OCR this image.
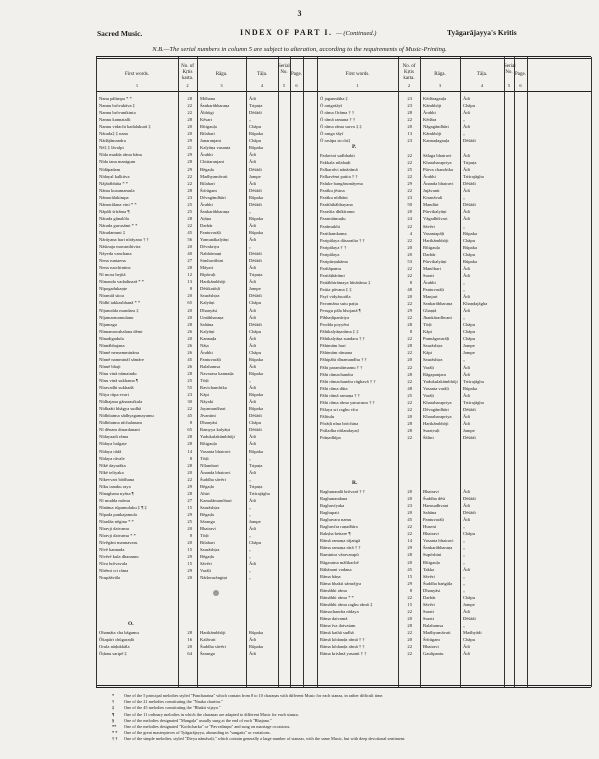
3
Sacred Music.	INDEX OF PART I. — (Continued.)	Tyāgarājayya's Kritis
N.B.—The serial numbers in column 5 are subject to alteration, according to the requirements of Music-Printing.
First words.
1
No. of Kṛtis karta.
2
Rāga.
3
Tāḷa.
4
Serial No.
5
Page.
6
First words.
1
No. of Kṛtis karta.
2
Rāga.
3
Tāḷa.
4
Serial No.
5
Page.
6
Nanu pālimpa * *	28 Mōhana	Ādi
Nannu brōvakāva ‡	22 Śankarābharaṇa	Tripuṭa
Nannu brōvanikinta	22 Ābhōgi	Dēśādi
Nannu kannatalli	28 Kēsari	„
Nannu vidachi kadalakurā ‡	20 Rītigauḷa	Chāpu
Nārada‡ ‡ nana	20 Bilahari	Rūpaka
Nādājāmandra	29 Janaranjani	Chāpu
Nē‡ ‡ lāvalpi	21 Kalyāṇa vasanta	Rūpaka
Nīda mudda rāma bāna	29 Ārabhi	Ādi
Nīda tana manigum	28 Chittaranjani	Ādi
Nīdāpadam	29 Bēgaḍa	Dēśādi
Nīdayal kalkitva	22 Madhyamāvati	Jampe
Nājārābhāta * *	22 Bilahari	Ādi
Nāma kusumamula	28 Śrīrāgam	Dēśādi
Nāmorālakimpa	23 Dēvagāndhāri	Rūpaka
Nāmorālana vini * *	25 Ārabhi	Dēśādi
Nāpāli śrīrāma ¶	25 Śankarābharaṇa	„
Nārada gānalōla	28 Aṭāṇa	Rūpaka
Nārada gurusāmi * *	22 Darbār	Ādi
Nāradamuni ‡	45 Pantuvarāḷi	Rūpaka
Nārāyana hari nīrāyana † †	56 Yamunākalyāṇi	Ādi
Nāśinaja mavanthivira	20 Dēvakriya	„
Nāyeda vanchana	40 Nabhōmaṇi	Dēśādi
Nena runtaena	27 Simhavāhini	Dēśādi
Nena ruochintins	28 Māyari	Ādi
Nī mora bejitā	12 Rīpāvaḷi	Tripuṭa
Nīmanda vadadinarā * *	13 Harikāmbhōji	Ādi
Nīpogadukaṇṭe	8 Dēśikatōḍi	Jampe
Nīramāl sitoa	20 Saurāshṭra	Dēśādi
Nīdhī takkasbhanā * *	65 Kalyāṇi	Chāpu
Nījamaīda mandara ‡	20 Dhanyāsi	Ādi
Nījamarmamulanu	20 Umābharaṇa	Ādi
Nījamaga	28 Sahāna	Dēśādi
Nīnnamavahalana dēmi	26 Kalyāṇi	Chāpu
Nīnadigaduīa	20 Kannaḍa	Ādi
Nīnnābhajana	26 Nāṭa	Ādi
Nīnnē nernamminānu	26 Ārabhi	Chāpu
Nīnnē nammināl sāmāre	45 Pantuvarāḷi	Rūpaka
Nīnnē bhaji	26 Balahamsa	Ādi
Nīnu vinā nāmaindu	28 Navarasa kannaḍa	Rūpaka
Nīnu vinā sukhama ¶	25 Tōḍi	„
Nīravadhi sukhadā	55 Ravichandrika	Ādi
Nītya rūpa evari	23 Kāpi	Rūpaka
Nīdhajana gānarasikula	30 Nāyaki	Ādi
Nīdhaāti bhāgya sudhā	22 Jayamanōhari	Rūpaka
Nīdhītatma sādhyagamayamu	45 Jīvantini	Dēśādi
Nīdhītatma nīchalanam	8 Dhanyāsi	Chāpu
Nī dēnam dinardanani	65 Ramyya kalyāṇi	Dēśādi
Nīdayaadi rāma	28 Yadukulakāmbhōji	Ādi
Nīdaya halgaṭe	28 Rītigauḷa	Ādi
Nīdaya rādā	14 Vasanta bhairavi	Rūpaka
Nīdaya rāvale	8 Tōḍi	„
Nīkē dayarāka	28 Nīlambari	Tripuṭa
Nīkē teliyaka	20 Ānanda bhairavi	Ādi
Nīkevvari bōdhana	22 Śuddha sāvēri	„
Nīku tanaku raya	29 Bēgaḍa	Tripuṭa
Nīnaghana nyāsa ¶	28 Ahiri	Triśrajāgha
Nī mudda mōmu	27 Kamalāmanōhari	Ādi
Nīnāma rūpamulaku ‡ ¶ ‡	15 Saurāshṭra	„
Nīpada pankajamula	29 Bēgaḍa	„
Nīradāa nēgina * *	25 Sāranga	Jampe
Nīravji daivamu	20 Bhairavi	Ādi
Nīravji daivamu * *	8 Tōḍi	„
Nīvēgāni mannavaru	20 Bilahari	Chāpu
Nīvē kannada	15 Saurāshṭra	„
Nīvērē kula dhanamu	29 Bēgaḍa	„
Nīva brōvavala	15 Sāvēri	Ādi
Nīrēmi cri rāma	29 Varāḷi	„
Nrupāāvāla	20 Nādavarāngiṇi	„
Ohamāta cha bāgamu	28 Harikāmbhōji	Rūpaka
Ōkapāri chūgaraḍā	16 Kalāvati	Ādi
Orula nāḍukkāla	20 Śuddha sāvēri	Rūpaka
Ōḍanu saripē ‡	64 Śaranga	Ādi
Ō jagannātha ‡	23 Kēdāragauḷa	Ādi
Ō raṅgaśāyī	23 Kāmbhōji	Chāpu
Ō rāma Orāma † †	28 Ārabhi	Ādi
Ō rāmā ramana † †	22 Kēdāra	„
Ō rāma rāma sarva ‡ ‡	20 Nāgagāndhāri	Ādi
Ō ranga śāyī	13 Kāmbhōji	„
Ō rasāpa sicchi‡	23 Kannaḍagauḷa	Dēśādi
Padavini sadbhakti	22 Sālaga bhairavi	Ādi
Pakkala nilabaḍi	22 Kharaharapriya Tripuṭa
Palkaraīvi nānārāmā	25 Pūrva chandrika Ādi
Palkavēmi patita † †	22 Ārabhi	Triśrajāgha
Paluke bangārumāyena	29 Ānanda bhairavi Dēśādi
Parāku jēsina	22 Jujāvanti	Ādi
Parāku nīdhāni	23 Kiranāvali	„
Parāthikābhayana	50 Mandāri	Dēśādi
Paraśīta dhīkīramu	20 Pūrvikalyāṇi	Ādi
Paramātmuḍu	24 Vāgadhīśvari	Ādi
Parāmukhi	22 Sāvēri	„
Parithamkama	4 Vasantapāḷi	Rūpaka
Paripālaya dāsaratha † †	22 Harikāmbhōji	Chāpu
Paripālaya † †	20 Rītigauḷa	Rūpaka
Paripālaya	20 Darbār	Chāpu
Paripūrṇakāma	53 Pūrvikalyāṇi	Rūpaka
Parītāpamu	22 Manōhari	Ādi
Paritāṭhārāmi	22 Surati	Ādi
Pattābhirāmaya hīnārāma ‡	8 Ārabhi	„
Patita pāvana ‡ ‡	48 Pantuvarāḷi	„
Payī vidyāsurāla	20 Manjari	Ādi
Pavamāna sutu paṭṭu	22 Sankarābharaṇa Khaṇḍajāgha
Perugu pāla bhojanā ¶	29 Ghaṇṭā	Ādi
Pībhaḍipanīriya	22 Jhankāradhvani „
Prodda poyyēni	28 Tōḍi	Chāpu
Pāhikalyāṇarāma ‡ ‡	8 Kāpi	Chāpu
Pāhikalyāṇa sundara † †	22 Punnāgavarāḷi	Chāpu
Pāhimām hari	28 Saurāshṭra	Jampe
Pāhimām rāmana	22 Kāpi	Jampe
Pāhipāhi dīnamandhu † †	20 Saurāshṭra	„
Pāhi paramātmamu † †	22 Varāḷi	Ādi
Pāhi rāmachandra	28 Rāgapanjara	Ādi
Pāhi rāmachandra rāghavā † †	22 Yadukulakāmbhōji Triśrajāgha
Pāhi rāma dūta	48 Vasanta varāḷi	Rūpaka
Pāhi rāmā ramaṇa † †	25 Varāḷi	Ādi
Pāhi rāma rāma yanucunu † †	22 Kharaharapriya Triśrajāgha
Pālaya sri raghu vīra	22 Dēvagāndhāri	Dēśādi
Pālitulu	20 Kharaharapriya Ādi
Pōrāḍi nīna brōchina	28 Harikāmbhōji	Ādi
Prāladha nīilandayaḍ	28 Suraṭvaḷi	Jampe
Prāṇadhīpa	22 Śālini	Dēśādi
Raghunandā brōvarā † †	20 Bhairavi	Ādi
Raghunandana	20 Śuddha dēśi	Dēśādi
Raghuvīyaka	23 Hamsadhvani	Ādi
Raghupati	20 Sahāna	Dēśādi
Raghuvara namu	45 Pantuvarāḷi	Ādi
Raghuvīra raṇadhīra	22 Huseni	„
Rakṣha bettare ¶	22 Bhairavi	Chāpu
Rāmā ramaṇa rājaṅgā	14 Vasanta bhairavi „
Rāma ramaṇa rārā † †	29 Śankarābharaṇa „
Ramintra vāravarapū	28 Supōshini	„
Rāgaratna mālikachē	20 Rītigauḷa	„
Rāhānani vadana	45 Takka	Ādi
Rāma bāṇa	15 Sāvēri	„
Rāma bhakti sāmrājya	29 Śuddha baṅgāḷa „
Rāmābhi rāma	8 Dhanyāsi	„
Rāmābhi rāma * *	22 Darbār	Chāpu
Rāmābhi rāma raghu rāmā ‡	15 Sāvēri	Jampe
Rāmachandra nīdaya	22 Surati	Ādi
Rāma daivamā	20 Surati	Dēśādi
Rāma īva daivatam	28 Balahamsa	„
Rāmā kathā sudhā	22 Madhyamāvati	Madhyādi
Rāmā kōdanḍa rāmā † †	20 Śrīrāgam	Chāpu
Rāma kōdanḍa rāmā † †	22 Bhairavi	Ādi
Rāma krishnā yasanti † †	22 Gaulipantu	Ādi
O.
P.
R.
* One of the 5 principal melodies styled "Pancharatna" which contain from 8 to 10 charaṇas with different Music for each stanza, in rather difficult time.
† One of the 21 melodies constituting the "Nauka charitra."
‡ One of the 45 melodies constituting the "Bhakti vijaya."
¶ One of the 11 ordinary melodies in which the charaṇas are adapted to different Music for each stanza.
§ One of the melodies designated "Mangaḷa" usually sung at the end of each "Bhajana."
** One of the melodies designated "Kochcharka" or "Pavvalimpu" and sung on marriage occasions.
* * One of the great masterpieces of Tyāgarājayya, abounding in "sangatis" or variations.
† † One of the simple melodies, styled "Divya nāmāvaḷi," which contain generally a large number of stanzas, with the same Music, but with deep devotional sentiment.
